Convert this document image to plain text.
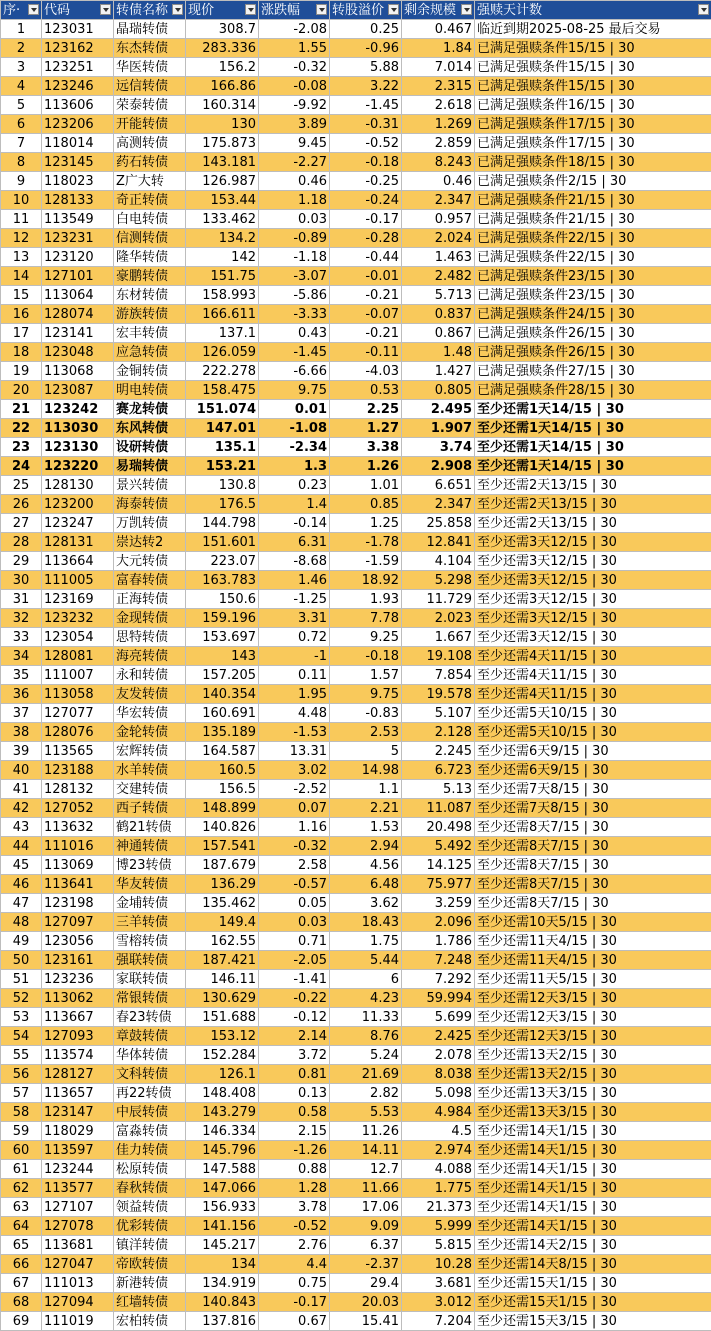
序·	代码	转债名称	现价	涨跌幅	转股溢价	剩余规模	强赎天计数

1	123031	晶瑞转债	308.7	-2.08	0.25	0.467	临近到期2025-08-25 最后交易
2	123162	东杰转债	283.336	1.55	-0.96	1.84	已满足强赎条件15/15 | 30
3	123251	华医转债	156.2	-0.32	5.88	7.014	已满足强赎条件15/15 | 30
4	123246	远信转债	166.86	-0.08	3.22	2.315	已满足强赎条件15/15 | 30
5	113606	荣泰转债	160.314	-9.92	-1.45	2.618	已满足强赎条件16/15 | 30
6	123206	开能转债	130	3.89	-0.31	1.269	已满足强赎条件17/15 | 30
7	118014	高测转债	175.873	9.45	-0.52	2.859	已满足强赎条件17/15 | 30
8	123145	药石转债	143.181	-2.27	-0.18	8.243	已满足强赎条件18/15 | 30
9	118023	Z广大转	126.987	0.46	-0.25	0.46	已满足强赎条件2/15 | 30
10	128133	奇正转债	153.44	1.18	-0.24	2.347	已满足强赎条件21/15 | 30
11	113549	白电转债	133.462	0.03	-0.17	0.957	已满足强赎条件21/15 | 30
12	123231	信测转债	134.2	-0.89	-0.28	2.024	已满足强赎条件22/15 | 30
13	123120	隆华转债	142	-1.18	-0.44	1.463	已满足强赎条件22/15 | 30
14	127101	豪鹏转债	151.75	-3.07	-0.01	2.482	已满足强赎条件23/15 | 30
15	113064	东材转债	158.993	-5.86	-0.21	5.713	已满足强赎条件23/15 | 30
16	128074	游族转债	166.611	-3.33	-0.07	0.837	已满足强赎条件24/15 | 30
17	123141	宏丰转债	137.1	0.43	-0.21	0.867	已满足强赎条件26/15 | 30
18	123048	应急转债	126.059	-1.45	-0.11	1.48	已满足强赎条件26/15 | 30
19	113068	金铜转债	222.278	-6.66	-4.03	1.427	已满足强赎条件27/15 | 30
20	123087	明电转债	158.475	9.75	0.53	0.805	已满足强赎条件28/15 | 30
21	123242	赛龙转债	151.074	0.01	2.25	2.495	至少还需1天14/15 | 30
22	113030	东风转债	147.01	-1.08	1.27	1.907	至少还需1天14/15 | 30
23	123130	设研转债	135.1	-2.34	3.38	3.74	至少还需1天14/15 | 30
24	123220	易瑞转债	153.21	1.3	1.26	2.908	至少还需1天14/15 | 30
25	128130	景兴转债	130.8	0.23	1.01	6.651	至少还需2天13/15 | 30
26	123200	海泰转债	176.5	1.4	0.85	2.347	至少还需2天13/15 | 30
27	123247	万凯转债	144.798	-0.14	1.25	25.858	至少还需2天13/15 | 30
28	128131	崇达转2	151.601	6.31	-1.78	12.841	至少还需3天12/15 | 30
29	113664	大元转债	223.07	-8.68	-1.59	4.104	至少还需3天12/15 | 30
30	111005	富春转债	163.783	1.46	18.92	5.298	至少还需3天12/15 | 30
31	123169	正海转债	150.6	-1.25	1.93	11.729	至少还需3天12/15 | 30
32	123232	金现转债	159.196	3.31	7.78	2.023	至少还需3天12/15 | 30
33	123054	思特转债	153.697	0.72	9.25	1.667	至少还需3天12/15 | 30
34	128081	海亮转债	143	-1	-0.18	19.108	至少还需4天11/15 | 30
35	111007	永和转债	157.205	0.11	1.57	7.854	至少还需4天11/15 | 30
36	113058	友发转债	140.354	1.95	9.75	19.578	至少还需4天11/15 | 30
37	127077	华宏转债	160.691	4.48	-0.83	5.107	至少还需5天10/15 | 30
38	128076	金轮转债	135.189	-1.53	2.53	2.128	至少还需5天10/15 | 30
39	113565	宏辉转债	164.587	13.31	5	2.245	至少还需6天9/15 | 30
40	123188	水羊转债	160.5	3.02	14.98	6.723	至少还需6天9/15 | 30
41	128132	交建转债	156.5	-2.52	1.1	5.13	至少还需7天8/15 | 30
42	127052	西子转债	148.899	0.07	2.21	11.087	至少还需7天8/15 | 30
43	113632	鹤21转债	140.826	1.16	1.53	20.498	至少还需8天7/15 | 30
44	111016	神通转债	157.541	-0.32	2.94	5.492	至少还需8天7/15 | 30
45	113069	博23转债	187.679	2.58	4.56	14.125	至少还需8天7/15 | 30
46	113641	华友转债	136.29	-0.57	6.48	75.977	至少还需8天7/15 | 30
47	123198	金埔转债	135.462	0.05	3.62	3.259	至少还需8天7/15 | 30
48	127097	三羊转债	149.4	0.03	18.43	2.096	至少还需10天5/15 | 30
49	123056	雪榕转债	162.55	0.71	1.75	1.786	至少还需11天4/15 | 30
50	123161	强联转债	187.421	-2.05	5.44	7.248	至少还需11天4/15 | 30
51	123236	家联转债	146.11	-1.41	6	7.292	至少还需11天5/15 | 30
52	113062	常银转债	130.629	-0.22	4.23	59.994	至少还需12天3/15 | 30
53	113667	春23转债	151.688	-0.12	11.33	5.699	至少还需12天3/15 | 30
54	127093	章鼓转债	153.12	2.14	8.76	2.425	至少还需12天3/15 | 30
55	113574	华体转债	152.284	3.72	5.24	2.078	至少还需13天2/15 | 30
56	128127	文科转债	126.1	0.81	21.69	8.038	至少还需13天2/15 | 30
57	113657	再22转债	148.408	0.13	2.82	5.098	至少还需13天3/15 | 30
58	123147	中辰转债	143.279	0.58	5.53	4.984	至少还需13天3/15 | 30
59	118029	富淼转债	146.334	2.15	11.26	4.5	至少还需14天1/15 | 30
60	113597	佳力转债	145.796	-1.26	14.11	2.974	至少还需14天1/15 | 30
61	123244	松原转债	147.588	0.88	12.7	4.088	至少还需14天1/15 | 30
62	113577	春秋转债	147.066	1.28	11.66	1.775	至少还需14天1/15 | 30
63	127107	领益转债	156.933	3.78	17.06	21.373	至少还需14天1/15 | 30
64	127078	优彩转债	141.156	-0.52	9.09	5.999	至少还需14天1/15 | 30
65	113681	镇洋转债	145.217	2.76	6.37	5.815	至少还需14天2/15 | 30
66	127047	帝欧转债	134	4.4	-2.37	10.28	至少还需14天8/15 | 30
67	111013	新港转债	134.919	0.75	29.4	3.681	至少还需15天1/15 | 30
68	127094	红墙转债	140.843	-0.17	20.03	3.012	至少还需15天1/15 | 30
69	111019	宏柏转债	137.816	0.67	15.41	7.204	至少还需15天3/15 | 30
